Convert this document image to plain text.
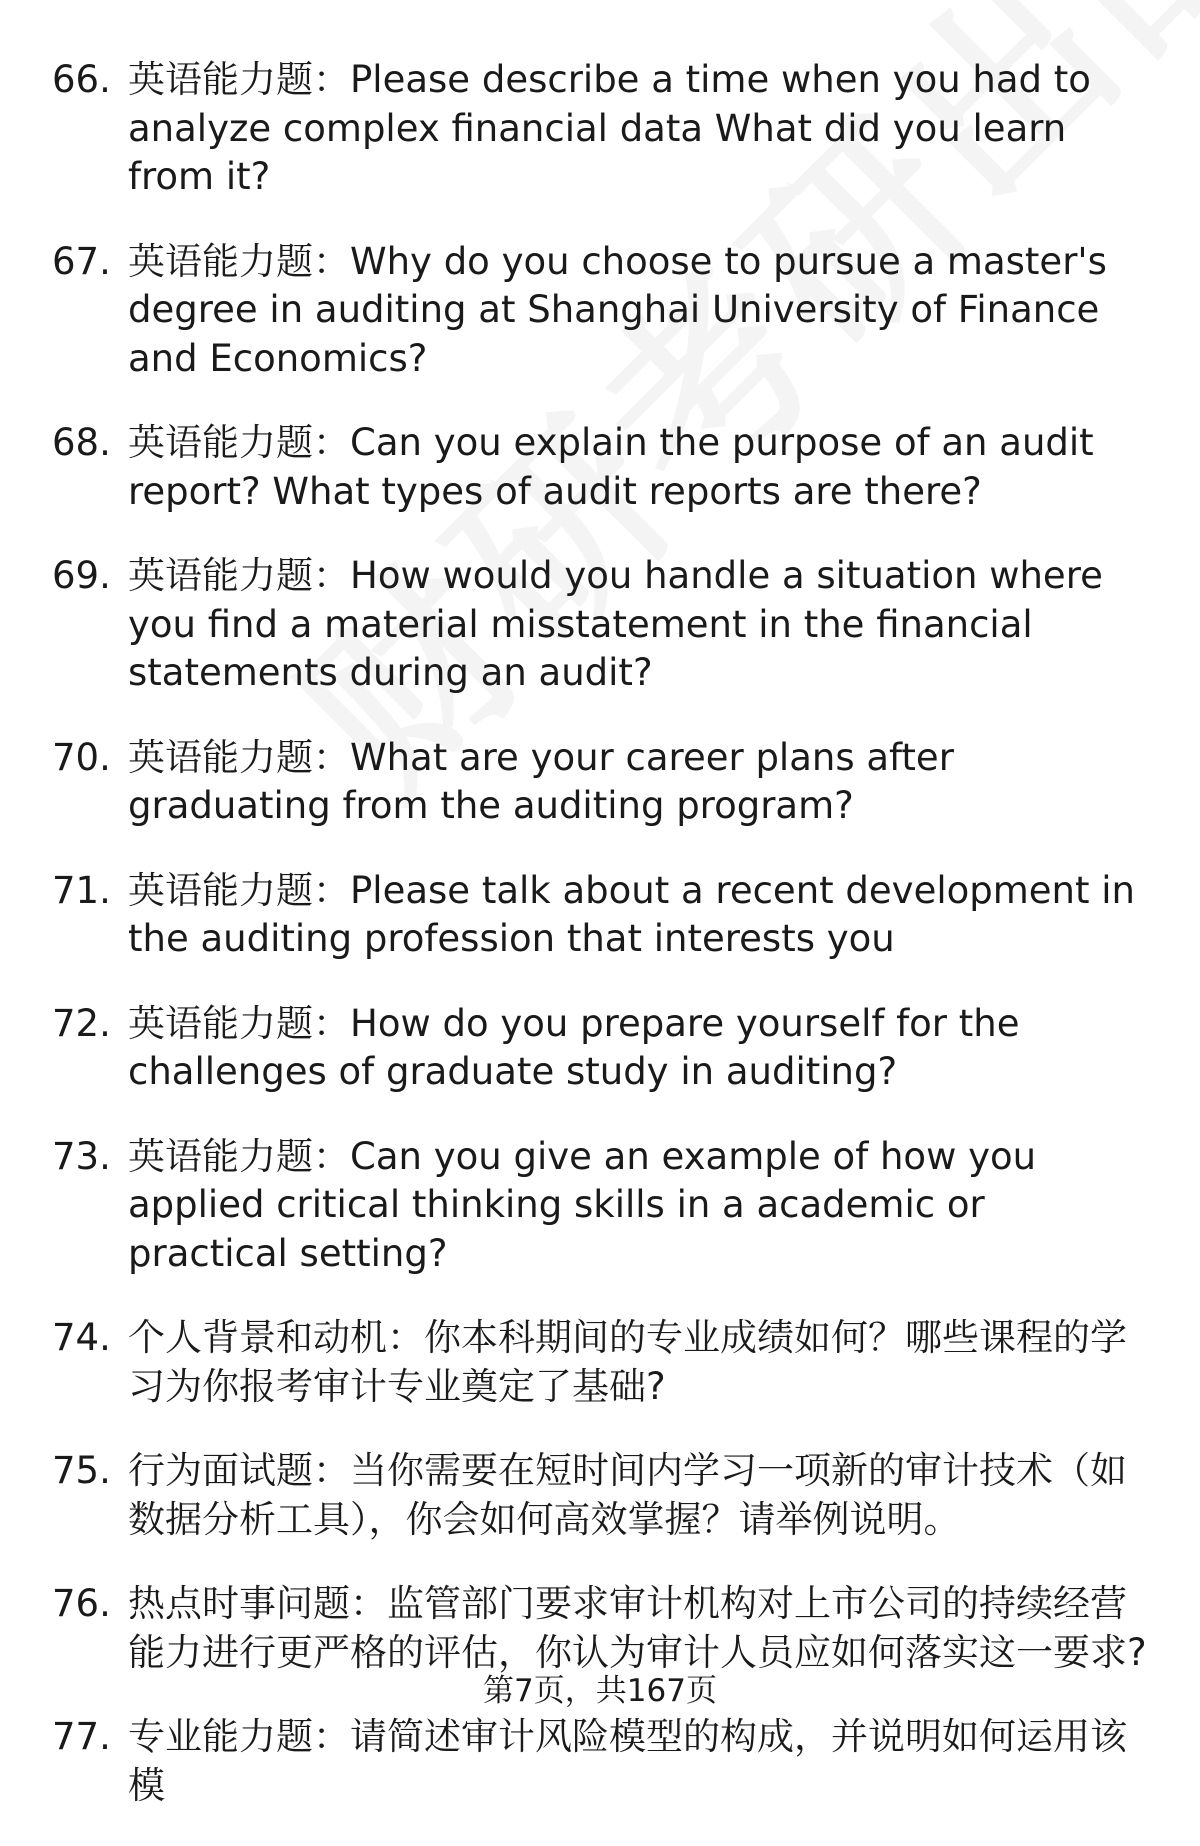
66. 英语能力题：Please describe a time when you had to analyze complex financial data What did you learn from it?
67. 英语能力题：Why do you choose to pursue a master's degree in auditing at Shanghai University of Finance and Economics?
68. 英语能力题：Can you explain the purpose of an audit report? What types of audit reports are there?
69. 英语能力题：How would you handle a situation where you find a material misstatement in the financial statements during an audit?
70. 英语能力题：What are your career plans after graduating from the auditing program?
71. 英语能力题：Please talk about a recent development in the auditing profession that interests you
72. 英语能力题：How do you prepare yourself for the challenges of graduate study in auditing?
73. 英语能力题：Can you give an example of how you applied critical thinking skills in a academic or practical setting?
74. 个人背景和动机：你本科期间的专业成绩如何？哪些课程的学习为你报考审计专业奠定了基础?
75. 行为面试题：当你需要在短时间内学习一项新的审计技术（如数据分析工具），你会如何高效掌握？请举例说明。
76. 热点时事问题：监管部门要求审计机构对上市公司的持续经营能力进行更严格的评估，你认为审计人员应如何落实这一要求?
77. 专业能力题：请简述审计风险模型的构成，并说明如何运用该模
第7页，共167页
